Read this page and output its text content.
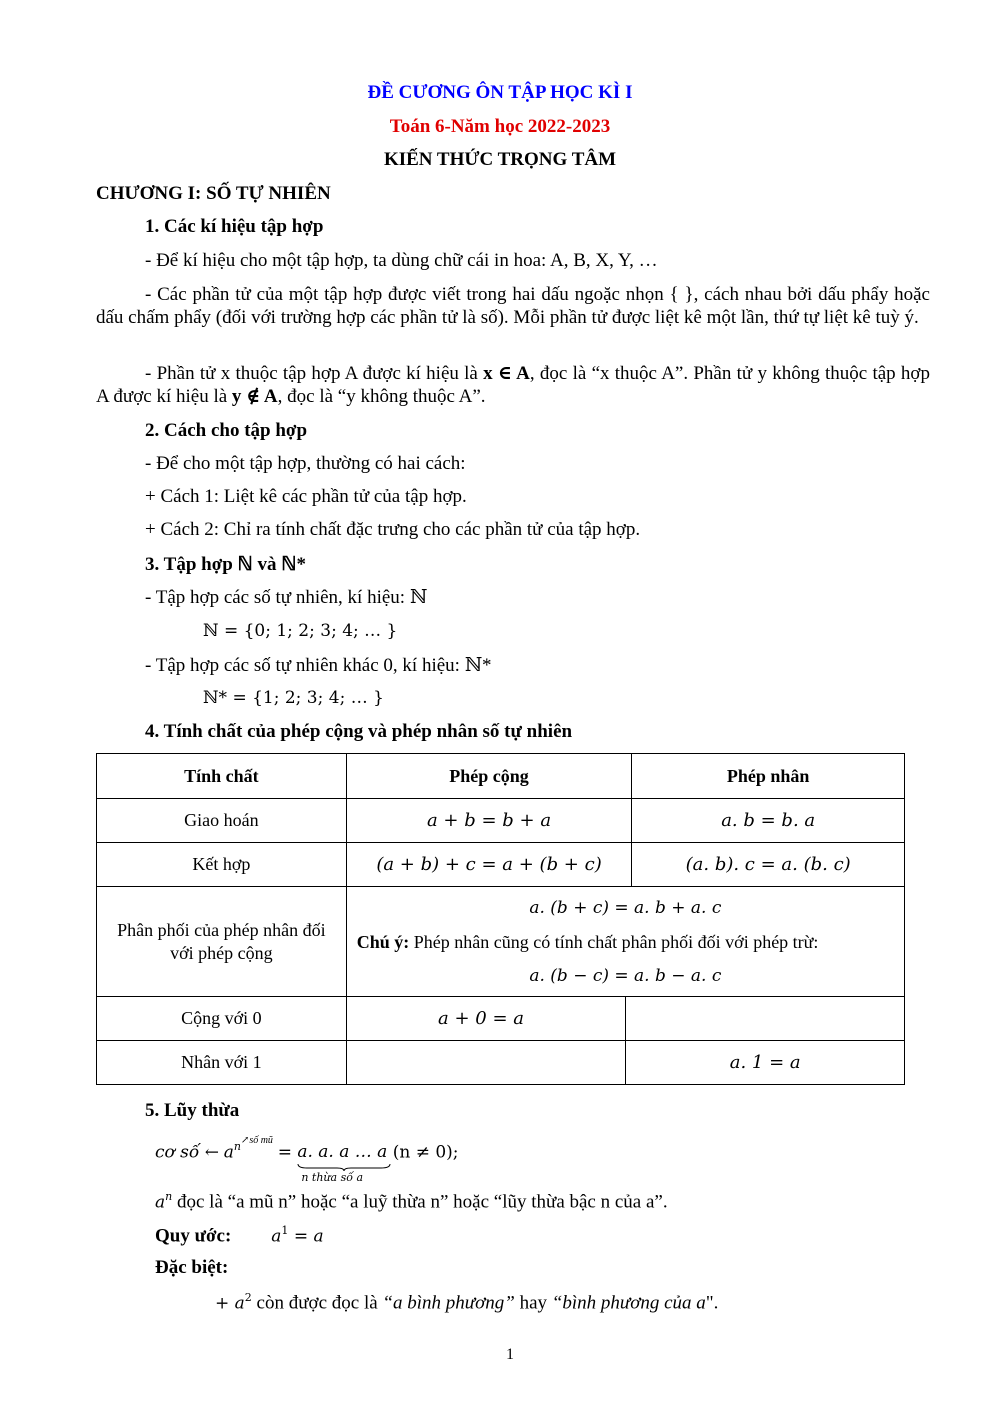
ĐỀ CƯƠNG ÔN TẬP HỌC KÌ I
Toán 6-Năm học 2022-2023
KIẾN THỨC TRỌNG TÂM
CHƯƠNG I: SỐ TỰ NHIÊN
1. Các kí hiệu tập hợp
- Để kí hiệu cho một tập hợp, ta dùng chữ cái in hoa: A, B, X, Y, …
- Các phần tử của một tập hợp được viết trong hai dấu ngoặc nhọn { }, cách nhau bởi dấu phẩy hoặc dấu chấm phẩy (đối với trường hợp các phần tử là số). Mỗi phần tử được liệt kê một lần, thứ tự liệt kê tuỳ ý.
- Phần tử x thuộc tập hợp A được kí hiệu là x ∈ A, đọc là “x thuộc A”. Phần tử y không thuộc tập hợp A được kí hiệu là y ∉ A, đọc là “y không thuộc A”.
2. Cách cho tập hợp
- Để cho một tập hợp, thường có hai cách:
+ Cách 1: Liệt kê các phần tử của tập hợp.
+ Cách 2: Chỉ ra tính chất đặc trưng cho các phần tử của tập hợp.
3. Tập hợp ℕ và ℕ*
- Tập hợp các số tự nhiên, kí hiệu: ℕ
ℕ = {0; 1; 2; 3; 4; … }
- Tập hợp các số tự nhiên khác 0, kí hiệu: ℕ*
ℕ* = {1; 2; 3; 4; … }
4. Tính chất của phép cộng và phép nhân số tự nhiên
Tính chất	Phép cộng		Phép nhân
Giao hoán	a + b = b + a		a. b = b. a
Kết hợp	(a + b) + c = a + (b + c)		(a. b). c = a. (b. c)
Phân phối của phép nhân đối với phép cộng	a. (b + c) = a. b + a. c
Chú ý: Phép nhân cũng có tính chất phân phối đối với phép trừ:
a. (b − c) = a. b − a. c		

Cộng với 0	a + 0 = a		
Nhân với 1		a. 1 = a	
5. Lũy thừa
cơ số ← $a^{n↗số mũ} = a$. a. a … a
n thừa số a
(n ≠ 0);
$a^n$ đọc là “a mũ n” hoặc “a luỹ thừa n” hoặc “lũy thừa bậc n của a”.
Quy ước: $a^1 = a$
Đặc biệt:
+ $a^2$ còn được đọc là “a bình phương” hay “bình phương của a".
1
